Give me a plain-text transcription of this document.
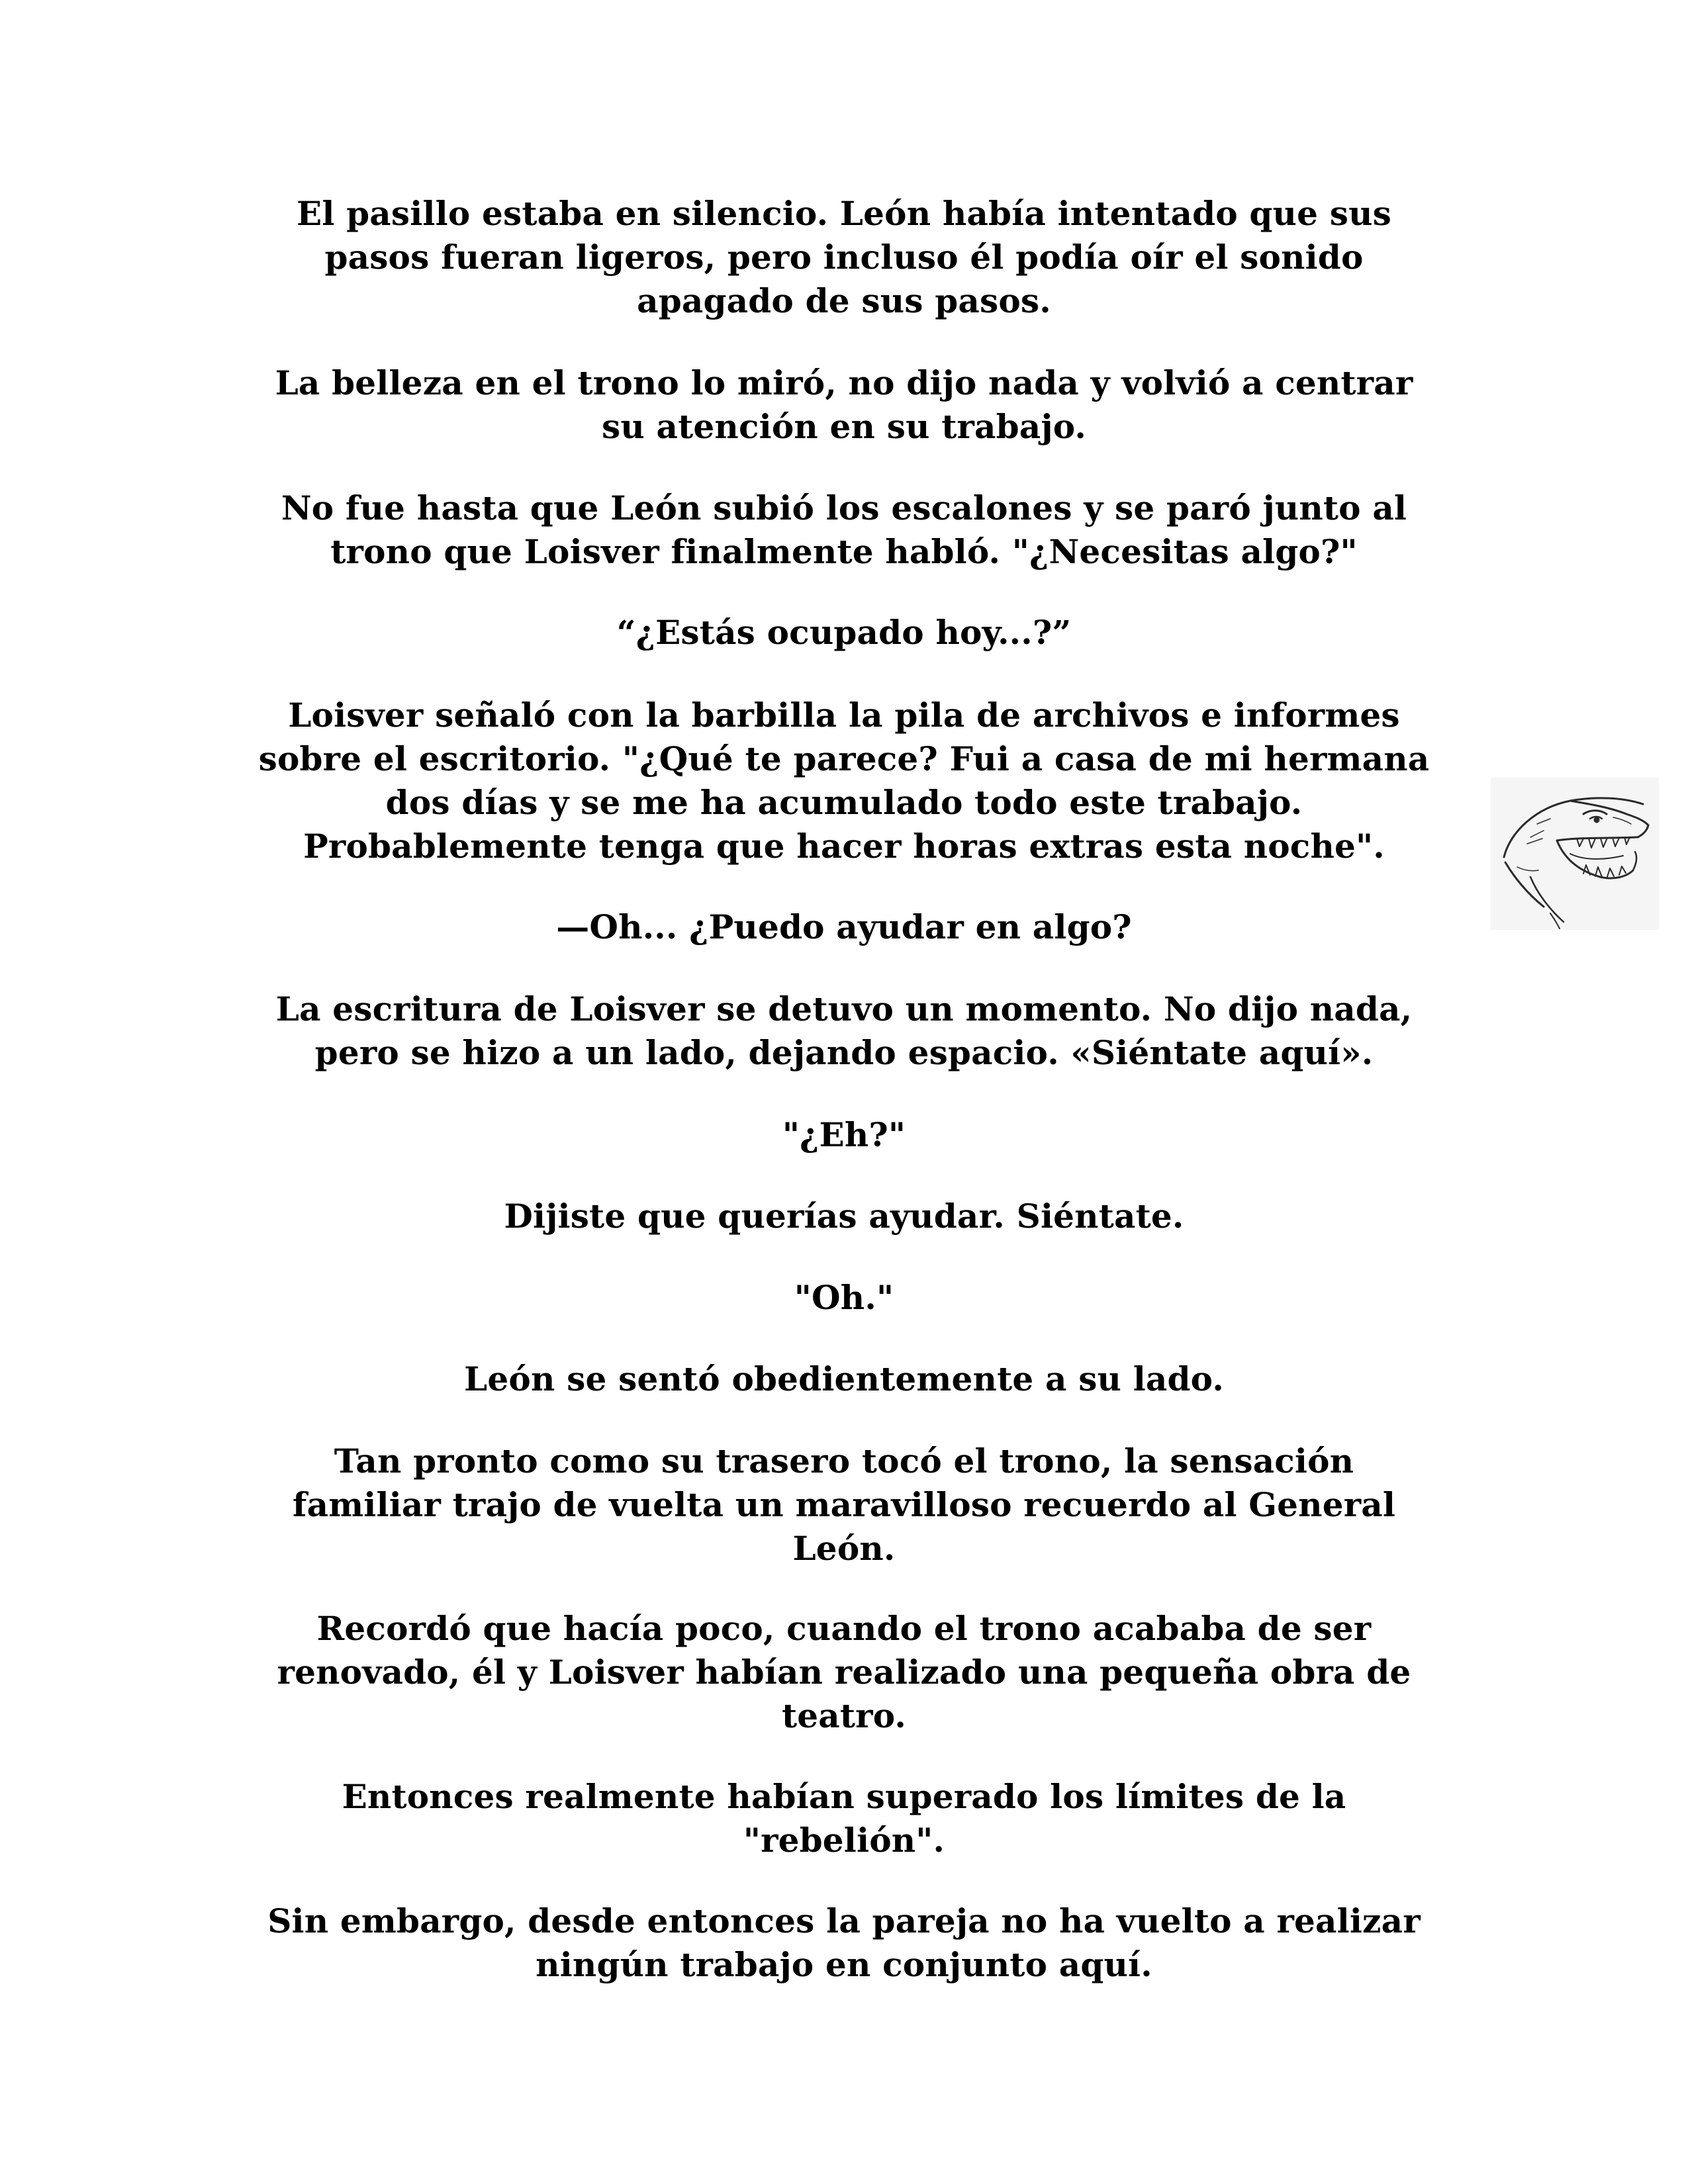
El pasillo estaba en silencio. León había intentado que sus
pasos fueran ligeros, pero incluso él podía oír el sonido
apagado de sus pasos.
La belleza en el trono lo miró, no dijo nada y volvió a centrar
su atención en su trabajo.
No fue hasta que León subió los escalones y se paró junto al
trono que Loisver finalmente habló. "¿Necesitas algo?"
“¿Estás ocupado hoy...?”
Loisver señaló con la barbilla la pila de archivos e informes
sobre el escritorio. "¿Qué te parece? Fui a casa de mi hermana
dos días y se me ha acumulado todo este trabajo.
Probablemente tenga que hacer horas extras esta noche".
—Oh... ¿Puedo ayudar en algo?
La escritura de Loisver se detuvo un momento. No dijo nada,
pero se hizo a un lado, dejando espacio. «Siéntate aquí».
"¿Eh?"
Dijiste que querías ayudar. Siéntate.
"Oh."
León se sentó obedientemente a su lado.
Tan pronto como su trasero tocó el trono, la sensación
familiar trajo de vuelta un maravilloso recuerdo al General
León.
Recordó que hacía poco, cuando el trono acababa de ser
renovado, él y Loisver habían realizado una pequeña obra de
teatro.
Entonces realmente habían superado los límites de la
"rebelión".
Sin embargo, desde entonces la pareja no ha vuelto a realizar
ningún trabajo en conjunto aquí.
